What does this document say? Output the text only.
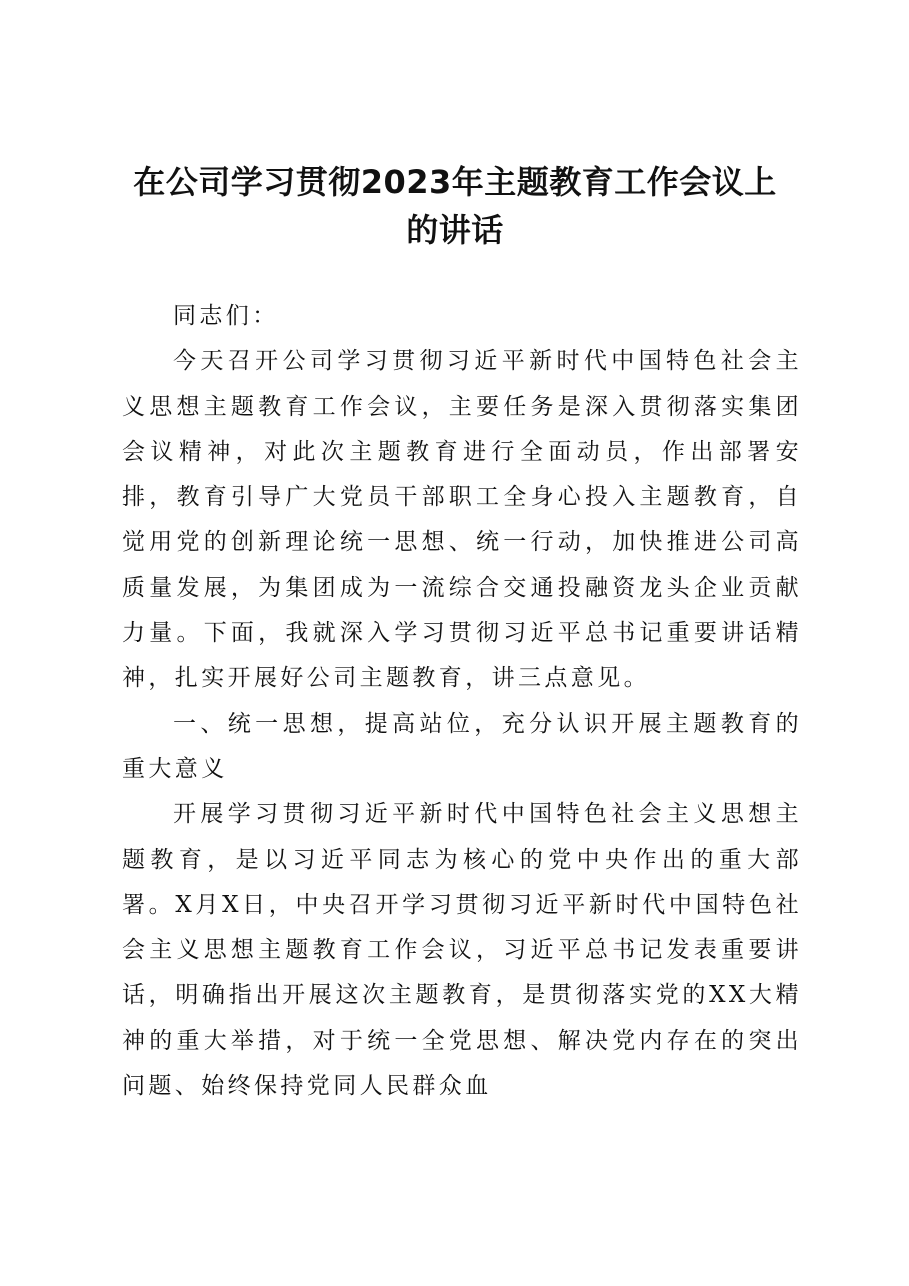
在公司学习贯彻2023年主题教育工作会议上
的讲话

同志们：

今天召开公司学习贯彻习近平新时代中国特色社会主义思想主题教育工作会议，主要任务是深入贯彻落实集团会议精神，对此次主题教育进行全面动员，作出部署安排，教育引导广大党员干部职工全身心投入主题教育，自觉用党的创新理论统一思想、统一行动，加快推进公司高质量发展，为集团成为一流综合交通投融资龙头企业贡献力量。下面，我就深入学习贯彻习近平总书记重要讲话精神，扎实开展好公司主题教育，讲三点意见。

一、统一思想，提高站位，充分认识开展主题教育的重大意义

开展学习贯彻习近平新时代中国特色社会主义思想主题教育，是以习近平同志为核心的党中央作出的重大部署。X月X日，中央召开学习贯彻习近平新时代中国特色社会主义思想主题教育工作会议，习近平总书记发表重要讲话，明确指出开展这次主题教育，是贯彻落实党的XX大精神的重大举措，对于统一全党思想、解决党内存在的突出问题、始终保持党同人民群众血
